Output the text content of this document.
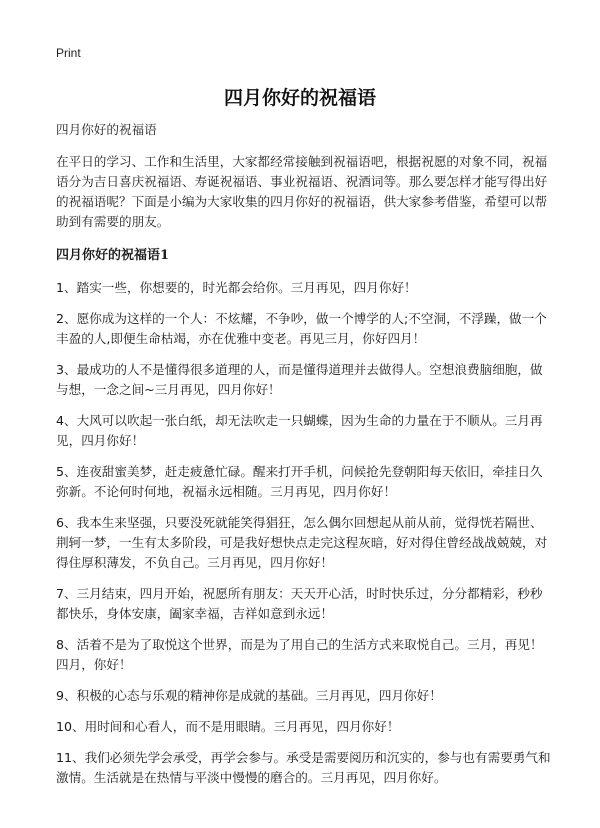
Print
四月你好的祝福语

四月你好的祝福语

在平日的学习、工作和生活里，大家都经常接触到祝福语吧，根据祝愿的对象不同，祝福语分为吉日喜庆祝福语、寿诞祝福语、事业祝福语、祝酒词等。那么要怎样才能写得出好的祝福语呢？下面是小编为大家收集的四月你好的祝福语，供大家参考借鉴，希望可以帮助到有需要的朋友。

四月你好的祝福语1

1、踏实一些，你想要的，时光都会给你。三月再见，四月你好！

2、愿你成为这样的一个人：不炫耀，不争吵，做一个博学的人;不空洞，不浮躁，做一个丰盈的人,即便生命枯竭，亦在优雅中变老。再见三月，你好四月！

3、最成功的人不是懂得很多道理的人，而是懂得道理并去做得人。空想浪费脑细胞，做与想，一念之间~三月再见，四月你好！

4、大风可以吹起一张白纸，却无法吹走一只蝴蝶，因为生命的力量在于不顺从。三月再见，四月你好！

5、连夜甜蜜美梦，赶走疲惫忙碌。醒来打开手机，问候抢先登朝阳每天依旧，牵挂日久弥新。不论何时何地，祝福永远相随。三月再见，四月你好！

6、我本生来坚强，只要没死就能笑得猖狂，怎么偶尔回想起从前从前，觉得恍若隔世、荆轲一梦，一生有太多阶段，可是我好想快点走完这程灰暗，好对得住曾经战战兢兢，对得住厚积薄发，不负自己。三月再见，四月你好！

7、三月结束，四月开始，祝愿所有朋友：天天开心活，时时快乐过，分分都精彩，秒秒都快乐，身体安康，阖家幸福，吉祥如意到永远！

8、活着不是为了取悦这个世界，而是为了用自己的生活方式来取悦自己。三月，再见！四月，你好！

9、积极的心态与乐观的精神你是成就的基础。三月再见，四月你好！

10、用时间和心看人，而不是用眼睛。三月再见，四月你好！

11、我们必须先学会承受，再学会参与。承受是需要阅历和沉实的，参与也有需要勇气和激情。生活就是在热情与平淡中慢慢的磨合的。三月再见，四月你好。
